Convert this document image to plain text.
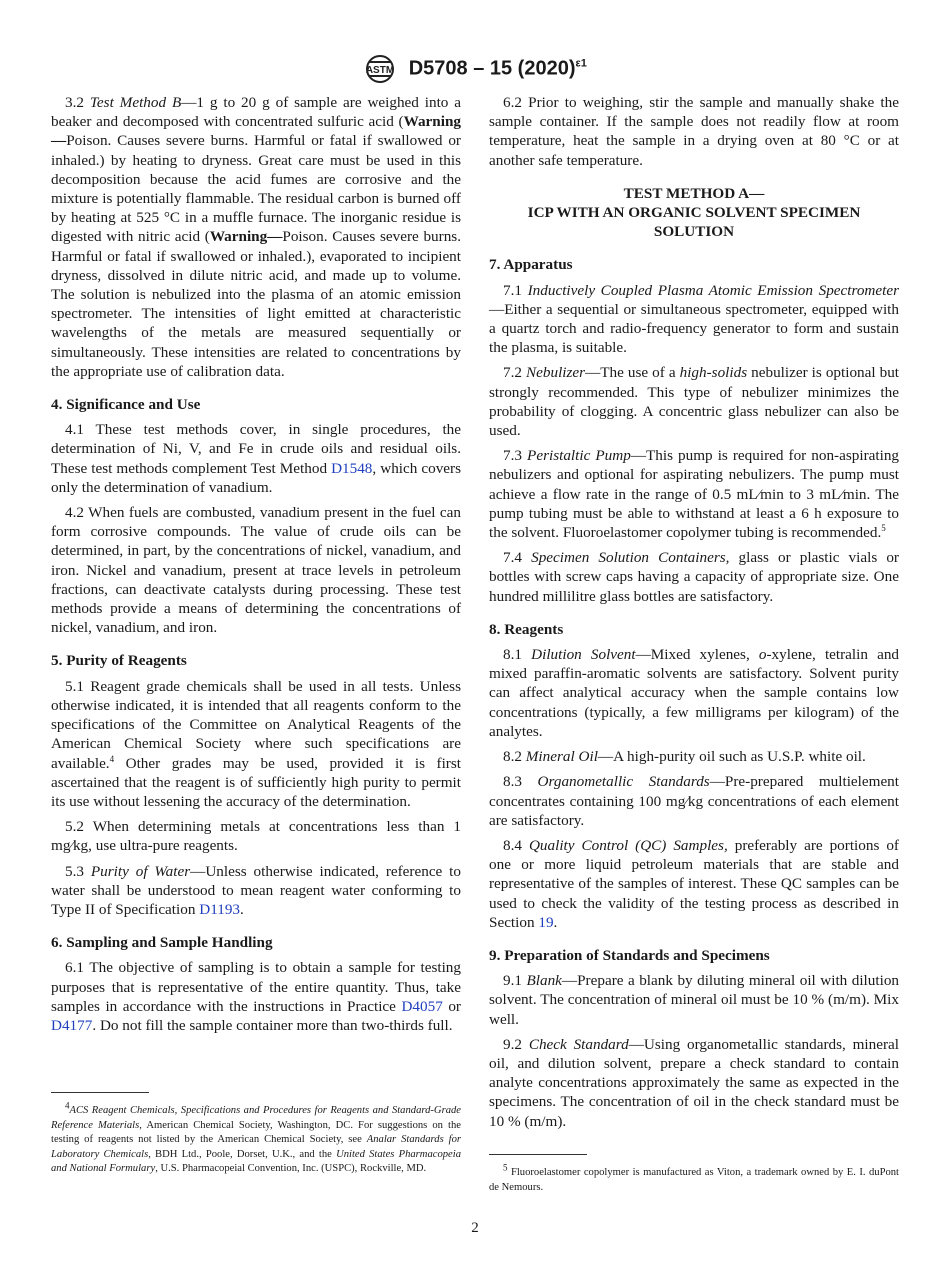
ASTM D5708 – 15 $(2020)^{\varepsilon 1}$

3.2 Test Method B—1 g to 20 g of sample are weighed into a beaker and decomposed with concentrated sulfuric acid (Warning—Poison. Causes severe burns. Harmful or fatal if swallowed or inhaled.) by heating to dryness. Great care must be used in this decomposition because the acid fumes are corrosive and the mixture is potentially flammable. The residual carbon is burned off by heating at 525 °C in a muffle furnace. The inorganic residue is digested with nitric acid (Warning—Poison. Causes severe burns. Harmful or fatal if swallowed or inhaled.), evaporated to incipient dryness, dissolved in dilute nitric acid, and made up to volume. The solution is nebulized into the plasma of an atomic emission spectrometer. The intensities of light emitted at characteristic wavelengths of the metals are measured sequentially or simultaneously. These intensities are related to concentrations by the appropriate use of calibration data.

4. Significance and Use

4.1 These test methods cover, in single procedures, the determination of Ni, V, and Fe in crude oils and residual oils. These test methods complement Test Method D1548, which covers only the determination of vanadium.

4.2 When fuels are combusted, vanadium present in the fuel can form corrosive compounds. The value of crude oils can be determined, in part, by the concentrations of nickel, vanadium, and iron. Nickel and vanadium, present at trace levels in petroleum fractions, can deactivate catalysts during processing. These test methods provide a means of determining the concentrations of nickel, vanadium, and iron.

5. Purity of Reagents

5.1 Reagent grade chemicals shall be used in all tests. Unless otherwise indicated, it is intended that all reagents conform to the specifications of the Committee on Analytical Reagents of the American Chemical Society where such specifications are available.$^4$ Other grades may be used, provided it is first ascertained that the reagent is of sufficiently high purity to permit its use without lessening the accuracy of the determination.

5.2 When determining metals at concentrations less than 1 mg⁄kg, use ultra-pure reagents.

5.3 Purity of Water—Unless otherwise indicated, reference to water shall be understood to mean reagent water conforming to Type II of Specification D1193.

6. Sampling and Sample Handling

6.1 The objective of sampling is to obtain a sample for testing purposes that is representative of the entire quantity. Thus, take samples in accordance with the instructions in Practice D4057 or D4177. Do not fill the sample container more than two-thirds full.

6.2 Prior to weighing, stir the sample and manually shake the sample container. If the sample does not readily flow at room temperature, heat the sample in a drying oven at 80 °C or at another safe temperature.

TEST METHOD A—
ICP WITH AN ORGANIC SOLVENT SPECIMEN SOLUTION

7. Apparatus

7.1 Inductively Coupled Plasma Atomic Emission Spectrometer—Either a sequential or simultaneous spectrometer, equipped with a quartz torch and radio-frequency generator to form and sustain the plasma, is suitable.

7.2 Nebulizer—The use of a high-solids nebulizer is optional but strongly recommended. This type of nebulizer minimizes the probability of clogging. A concentric glass nebulizer can also be used.

7.3 Peristaltic Pump—This pump is required for non-aspirating nebulizers and optional for aspirating nebulizers. The pump must achieve a flow rate in the range of 0.5 mL⁄min to 3 mL⁄min. The pump tubing must be able to withstand at least a 6 h exposure to the solvent. Fluoroelastomer copolymer tubing is recommended.$^5$

7.4 Specimen Solution Containers, glass or plastic vials or bottles with screw caps having a capacity of appropriate size. One hundred millilitre glass bottles are satisfactory.

8. Reagents

8.1 Dilution Solvent—Mixed xylenes, o-xylene, tetralin and mixed paraffin-aromatic solvents are satisfactory. Solvent purity can affect analytical accuracy when the sample contains low concentrations (typically, a few milligrams per kilogram) of the analytes.

8.2 Mineral Oil—A high-purity oil such as U.S.P. white oil.

8.3 Organometallic Standards—Pre-prepared multielement concentrates containing 100 mg⁄kg concentrations of each element are satisfactory.

8.4 Quality Control (QC) Samples, preferably are portions of one or more liquid petroleum materials that are stable and representative of the samples of interest. These QC samples can be used to check the validity of the testing process as described in Section 19.

9. Preparation of Standards and Specimens

9.1 Blank—Prepare a blank by diluting mineral oil with dilution solvent. The concentration of mineral oil must be 10 % (m/m). Mix well.

9.2 Check Standard—Using organometallic standards, mineral oil, and dilution solvent, prepare a check standard to contain analyte concentrations approximately the same as expected in the specimens. The concentration of oil in the check standard must be 10 % (m/m).

$^4$ACS Reagent Chemicals, Specifications and Procedures for Reagents and Standard-Grade Reference Materials, American Chemical Society, Washington, DC. For suggestions on the testing of reagents not listed by the American Chemical Society, see Analar Standards for Laboratory Chemicals, BDH Ltd., Poole, Dorset, U.K., and the United States Pharmacopeia and National Formulary, U.S. Pharmacopeial Convention, Inc. (USPC), Rockville, MD.	$^5$ Fluoroelastomer copolymer is manufactured as Viton, a trademark owned by E. I. duPont de Nemours.

2
